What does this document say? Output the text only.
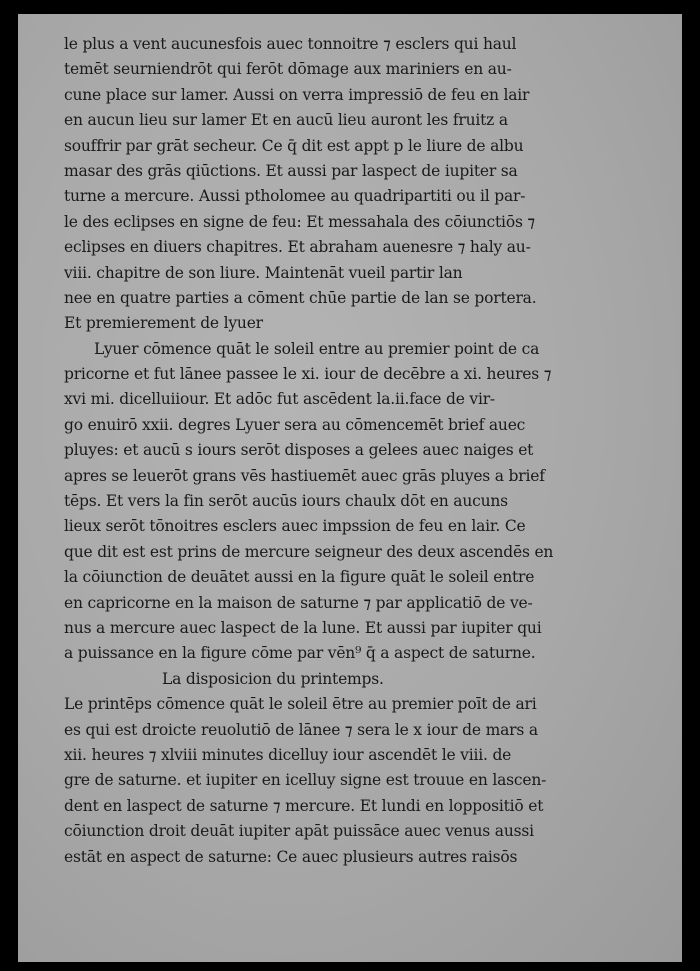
le plus a vent aucunesfois auec tonnoitre ⁊ esclers qui haul
temēt seurniendrōt qui ferōt dōmage aux mariniers en au‑
cune place sur lamer. Aussi on verra impressiō de feu en lair
en aucun lieu sur lamer Et en aucū lieu auront les fruitz a
souffrir par grāt secheur. Ce q̄ dit est appt p le liure de albu
masar des grās qiūctions. Et aussi par laspect de iupiter sa
turne a mercure. Aussi ptholomee au quadripartiti ou il par‑
le des eclipses en signe de feu: Et messahala des cōiunctiōs ⁊
eclipses en diuers chapitres. Et abraham auenesre ⁊ haly au‑
viii. chapitre de son liure. Maintenāt vueil partir lan
nee en quatre parties a cōment chūe partie de lan se portera.
Et premierement de lyuer
Lyuer cōmence quāt le soleil entre au premier point de ca
pricorne et fut lānee passee le xi. iour de decēbre a xi. heures ⁊
xvi mi. dicelluiiour. Et adōc fut ascēdent la.ii.face de vir‑
go enuirō xxii. degres Lyuer sera au cōmencemēt brief auec
pluyes: et aucū s iours serōt disposes a gelees auec naiges et
apres se leuerōt grans vēs hastiuemēt auec grās pluyes a brief
tēps. Et vers la fin serōt aucūs iours chaulx dōt en aucuns
lieux serōt tōnoitres esclers auec impssion de feu en lair. Ce
que dit est est prins de mercure seigneur des deux ascendēs en
la cōiunction de deuātet aussi en la figure quāt le soleil entre
en capricorne en la maison de saturne ⁊ par applicatiō de ve‑
nus a mercure auec laspect de la lune. Et aussi par iupiter qui
a puissance en la figure cōme par vēn⁹ q̄ a aspect de saturne.
La disposicion du printemps.
Le printēps cōmence quāt le soleil ētre au premier poīt de ari
es qui est droicte reuolutiō de lānee ⁊ sera le x iour de mars a
xii. heures ⁊ xlviii minutes dicelluy iour ascendēt le viii. de
gre de saturne. et iupiter en icelluy signe est trouue en lascen‑
dent en laspect de saturne ⁊ mercure. Et lundi en loppositiō et
cōiunction droit deuāt iupiter apāt puissāce auec venus aussi
estāt en aspect de saturne: Ce auec plusieurs autres raisōs
